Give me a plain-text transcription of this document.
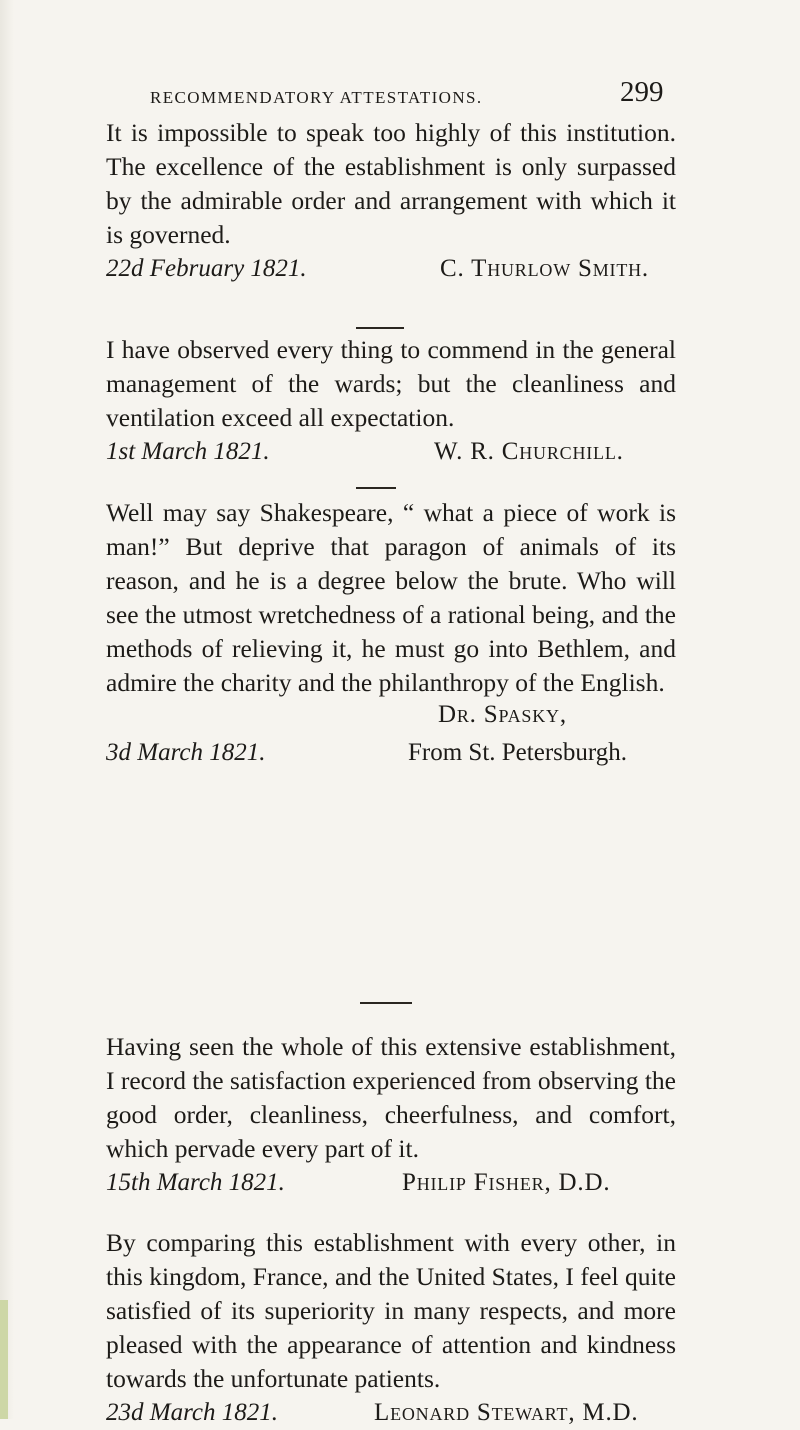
RECOMMENDATORY ATTESTATIONS.	299

It is impossible to speak too highly of this institution. The excellence of the establishment is only surpassed by the admirable order and arrangement with which it is governed.

22d February 1821.	C. Thurlow Smith.

I have observed every thing to commend in the general management of the wards; but the cleanliness and ventilation exceed all expectation.

1st March 1821.	W. R. Churchill.

Well may say Shakespeare, “ what a piece of work is man!” But deprive that paragon of animals of its reason, and he is a degree below the brute. Who will see the utmost wretchedness of a rational being, and the methods of relieving it, he must go into Bethlem, and admire the charity and the philanthropy of the English.

Dr. Spasky,
3d March 1821.	From St. Petersburgh.

Having seen the whole of this extensive establishment, I record the satisfaction experienced from observing the good order, cleanliness, cheerfulness, and comfort, which pervade every part of it.

15th March 1821.	Philip Fisher, D.D.

By comparing this establishment with every other, in this kingdom, France, and the United States, I feel quite satisfied of its superiority in many respects, and more pleased with the appearance of attention and kindness towards the unfortunate patients.

23d March 1821.	Leonard Stewart, M.D.
